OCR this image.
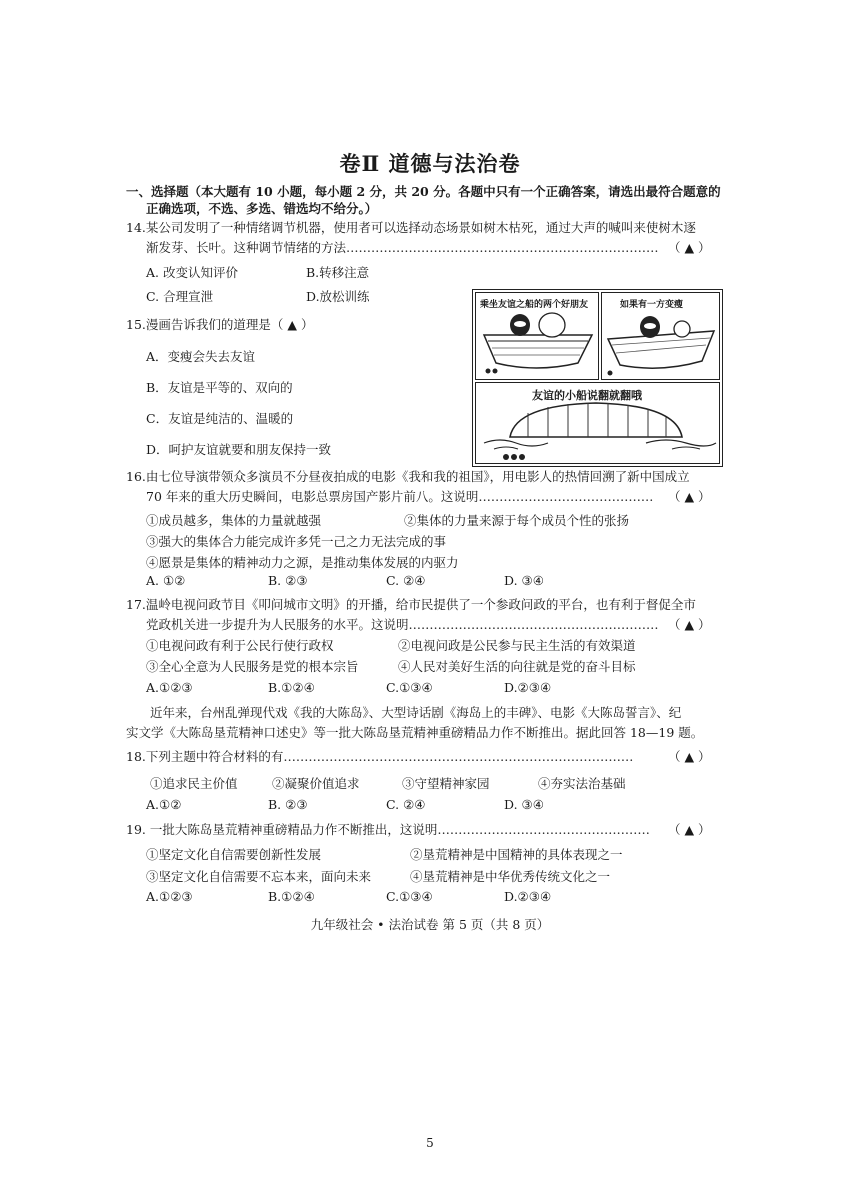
卷Ⅱ 道德与法治卷
一、选择题（本大题有 10 小题，每小题 2 分，共 20 分。各题中只有一个正确答案，请选出最符合题意的
正确选项，不选、多选、错选均不给分。）
14.某公司发明了一种情绪调节机器，使用者可以选择动态场景如树木枯死，通过大声的喊叫来使树木逐
渐发芽、长叶。这种调节情绪的方法………………………………………………………………… （ ▲ ）
A. 改变认知评价	B.转移注意
C. 合理宣泄	D.放松训练
15.漫画告诉我们的道理是（ ▲ ）
A．变瘦会失去友谊
B．友谊是平等的、双向的
C．友谊是纯洁的、温暖的
D．呵护友谊就要和朋友保持一致
乘坐友谊之船的两个好朋友	如果有一方变瘦
友谊的小船说翻就翻哦
16.由七位导演带领众多演员不分昼夜拍成的电影《我和我的祖国》，用电影人的热情回溯了新中国成立
70 年来的重大历史瞬间，电影总票房国产影片前八。这说明…………………………………… （ ▲ ）
①成员越多，集体的力量就越强	②集体的力量来源于每个成员个性的张扬
③强大的集体合力能完成许多凭一己之力无法完成的事
④愿景是集体的精神动力之源，是推动集体发展的内驱力
A. ①②	B. ②③	C. ②④	D. ③④
17.温岭电视问政节目《叩问城市文明》的开播，给市民提供了一个参政问政的平台，也有利于督促全市
党政机关进一步提升为人民服务的水平。这说明…………………………………………………… （ ▲ ）
①电视问政有利于公民行使行政权	②电视问政是公民参与民主生活的有效渠道
③全心全意为人民服务是党的根本宗旨	④人民对美好生活的向往就是党的奋斗目标
A.①②③	B.①②④	C.①③④	D.②③④
近年来，台州乱弹现代戏《我的大陈岛》、大型诗话剧《海岛上的丰碑》、电影《大陈岛誓言》、纪
实文学《大陈岛垦荒精神口述史》等一批大陈岛垦荒精神重磅精品力作不断推出。据此回答 18—19 题。
18.下列主题中符合材料的有…………………………………………………………………………	（ ▲ ）
①追求民主价值	②凝聚价值追求	③守望精神家园	④夯实法治基础
A.①②	B. ②③	C. ②④	D. ③④
19. 一批大陈岛垦荒精神重磅精品力作不断推出，这说明…………………………………………… （ ▲ ）
①坚定文化自信需要创新性发展	②垦荒精神是中国精神的具体表现之一
③坚定文化自信需要不忘本来，面向未来	④垦荒精神是中华优秀传统文化之一
A.①②③	B.①②④	C.①③④	D.②③④
九年级社会 • 法治试卷 第 5 页（共 8 页）
5
